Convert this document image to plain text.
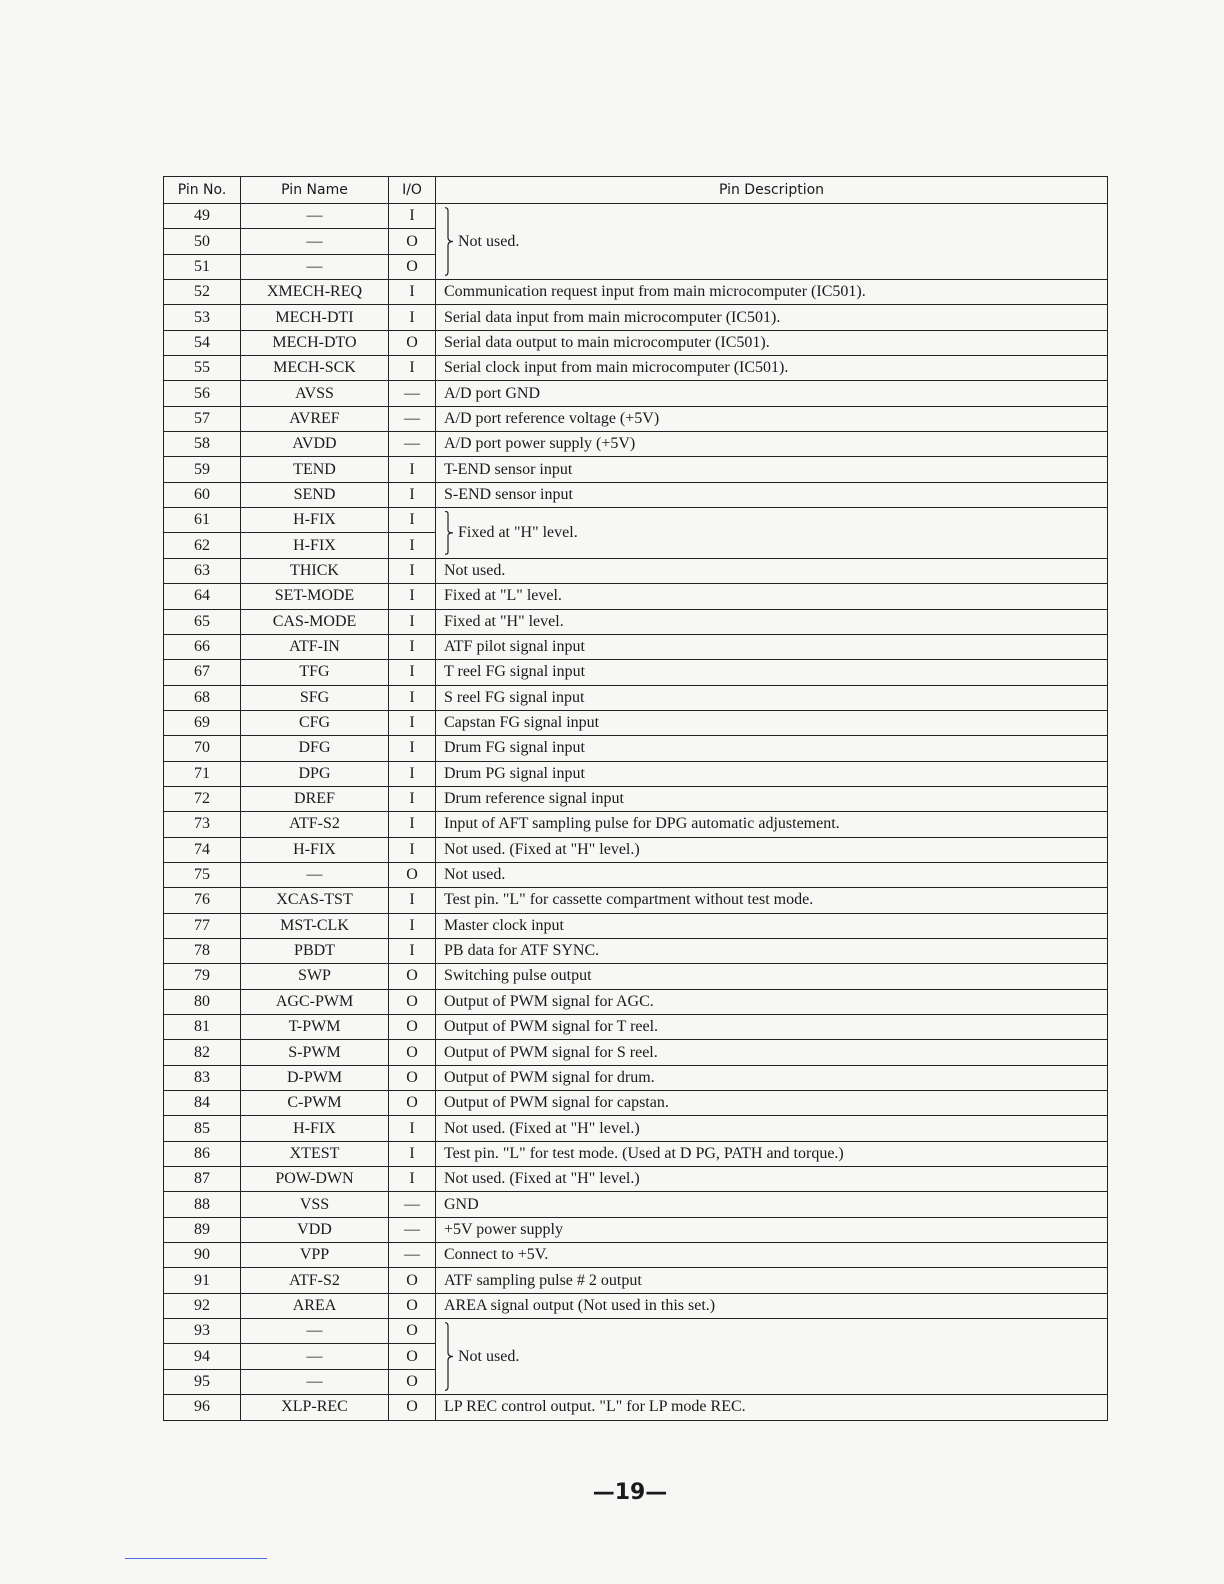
Pin No.	Pin Name	I/O	Pin Description
49	—	I	Not used.

50	—	O	
51	—	O	
52	XMECH-REQ	I	Communication request input from main microcomputer (IC501).
53	MECH-DTI	I	Serial data input from main microcomputer (IC501).
54	MECH-DTO	O	Serial data output to main microcomputer (IC501).
55	MECH-SCK	I	Serial clock input from main microcomputer (IC501).
56	AVSS	—	A/D port GND
57	AVREF	—	A/D port reference voltage (+5V)
58	AVDD	—	A/D port power supply (+5V)
59	TEND	I	T-END sensor input
60	SEND	I	S-END sensor input
61	H-FIX	I	Fixed at "H" level.

62	H-FIX	I	
63	THICK	I	Not used.
64	SET-MODE	I	Fixed at "L" level.
65	CAS-MODE	I	Fixed at "H" level.
66	ATF-IN	I	ATF pilot signal input
67	TFG	I	T reel FG signal input
68	SFG	I	S reel FG signal input
69	CFG	I	Capstan FG signal input
70	DFG	I	Drum FG signal input
71	DPG	I	Drum PG signal input
72	DREF	I	Drum reference signal input
73	ATF-S2	I	Input of AFT sampling pulse for DPG automatic adjustement.
74	H-FIX	I	Not used. (Fixed at "H" level.)
75	—	O	Not used.
76	XCAS-TST	I	Test pin. "L" for cassette compartment without test mode.
77	MST-CLK	I	Master clock input
78	PBDT	I	PB data for ATF SYNC.
79	SWP	O	Switching pulse output
80	AGC-PWM	O	Output of PWM signal for AGC.
81	T-PWM	O	Output of PWM signal for T reel.
82	S-PWM	O	Output of PWM signal for S reel.
83	D-PWM	O	Output of PWM signal for drum.
84	C-PWM	O	Output of PWM signal for capstan.
85	H-FIX	I	Not used. (Fixed at "H" level.)
86	XTEST	I	Test pin. "L" for test mode. (Used at D PG, PATH and torque.)
87	POW-DWN	I	Not used. (Fixed at "H" level.)
88	VSS	—	GND
89	VDD	—	+5V power supply
90	VPP	—	Connect to +5V.
91	ATF-S2	O	ATF sampling pulse # 2 output
92	AREA	O	AREA signal output (Not used in this set.)
93	—	O	Not used.

94	—	O	
95	—	O	
96	XLP-REC	O	LP REC control output. "L" for LP mode REC.
—19—
